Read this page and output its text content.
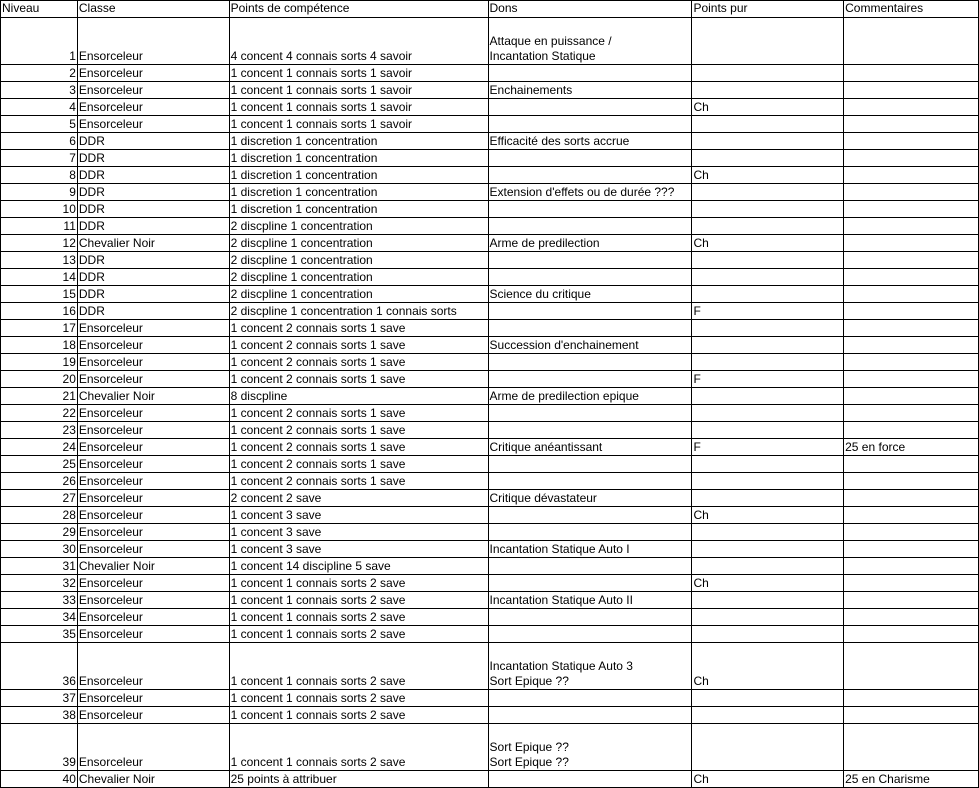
Niveau	Classe	Points de compétence	Dons	Points pur	Commentaires
1	Ensorceleur	4 concent 4 connais sorts 4 savoir	Attaque en puissance /
Incantation Statique		

2	Ensorceleur	1 concent 1 connais sorts 1 savoir			
3	Ensorceleur	1 concent 1 connais sorts 1 savoir	Enchainements		

4	Ensorceleur	1 concent 1 connais sorts 1 savoir		Ch	
5	Ensorceleur	1 concent 1 connais sorts 1 savoir			
6	DDR	1 discretion 1 concentration	Efficacité des sorts accrue		

7	DDR	1 discretion 1 concentration			
8	DDR	1 discretion 1 concentration		Ch	
9	DDR	1 discretion 1 concentration	Extension d'effets ou de durée ???		

10	DDR	1 discretion 1 concentration			
11	DDR	2 discpline 1 concentration			
12	Chevalier Noir	2 discpline 1 concentration	Arme de predilection	Ch	
13	DDR	2 discpline 1 concentration			
14	DDR	2 discpline 1 concentration			
15	DDR	2 discpline 1 concentration	Science du critique		

16	DDR	2 discpline 1 concentration 1 connais sorts		F	
17	Ensorceleur	1 concent 2 connais sorts 1 save			
18	Ensorceleur	1 concent 2 connais sorts 1 save	Succession d'enchainement		

19	Ensorceleur	1 concent 2 connais sorts 1 save			
20	Ensorceleur	1 concent 2 connais sorts 1 save		F	
21	Chevalier Noir	8 discpline	Arme de predilection epique		

22	Ensorceleur	1 concent 2 connais sorts 1 save			
23	Ensorceleur	1 concent 2 connais sorts 1 save			
24	Ensorceleur	1 concent 2 connais sorts 1 save	Critique anéantissant	F	25 en force
25	Ensorceleur	1 concent 2 connais sorts 1 save			
26	Ensorceleur	1 concent 2 connais sorts 1 save			
27	Ensorceleur	2 concent 2 save	Critique dévastateur		

28	Ensorceleur	1 concent 3 save		Ch	
29	Ensorceleur	1 concent 3 save			
30	Ensorceleur	1 concent 3 save	Incantation Statique Auto I		

31	Chevalier Noir	1 concent 14 discipline 5 save			
32	Ensorceleur	1 concent 1 connais sorts 2 save		Ch	
33	Ensorceleur	1 concent 1 connais sorts 2 save	Incantation Statique Auto II		

34	Ensorceleur	1 concent 1 connais sorts 2 save			
35	Ensorceleur	1 concent 1 connais sorts 2 save			
36	Ensorceleur	1 concent 1 connais sorts 2 save	Incantation Statique Auto 3
Sort Epique ??	Ch	
37	Ensorceleur	1 concent 1 connais sorts 2 save			
38	Ensorceleur	1 concent 1 connais sorts 2 save			
39	Ensorceleur	1 concent 1 connais sorts 2 save	Sort Epique ??
Sort Epique ??		

40	Chevalier Noir	25 points à attribuer		Ch	25 en Charisme
